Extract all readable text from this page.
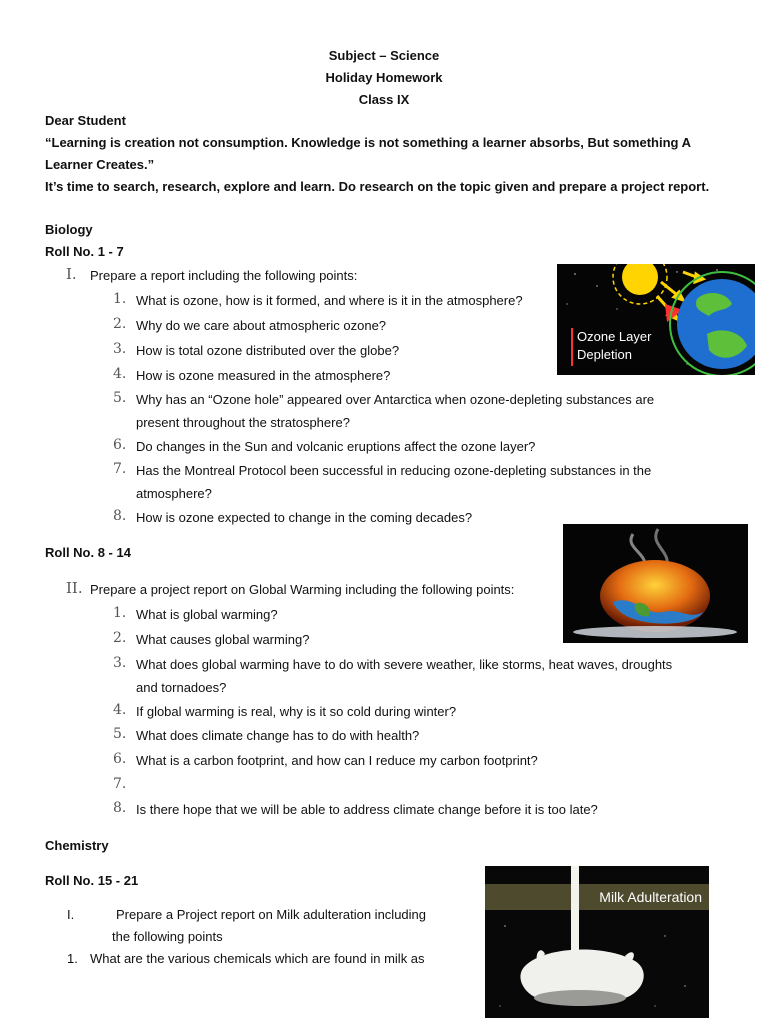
Subject – Science
Holiday Homework
Class IX
Dear Student
“Learning is creation not consumption. Knowledge is not something a learner absorbs, But something A
Learner Creates.”
It’s time to search, research, explore and learn. Do research on the topic given and prepare a project report.
Biology
Roll No. 1 - 7
I. Prepare a report including the following points:
1. What is ozone, how is it formed, and where is it in the atmosphere?
2. Why do we care about atmospheric ozone?
3. How is total ozone distributed over the globe?
4. How is ozone measured in the atmosphere?
5. Why has an “Ozone hole” appeared over Antarctica when ozone-depleting substances are
present throughout the stratosphere?
6. Do changes in the Sun and volcanic eruptions affect the ozone layer?
7. Has the Montreal Protocol been successful in reducing ozone-depleting substances in the
atmosphere?
8. How is ozone expected to change in the coming decades?
Ozone Layer
Depletion
Roll No. 8 - 14
II. Prepare a project report on Global Warming including the following points:
1. What is global warming?
2. What causes global warming?
3. What does global warming have to do with severe weather, like storms, heat waves, droughts
and tornadoes?
4. If global warming is real, why is it so cold during winter?
5. What does climate change has to do with health?
6. What is a carbon footprint, and how can I reduce my carbon footprint?
7.
8. Is there hope that we will be able to address climate change before it is too late?
Chemistry
Roll No. 15 - 21
I.	Prepare a Project report on Milk adulteration including
the following points
1. What are the various chemicals which are found in milk as
Milk Adulteration
